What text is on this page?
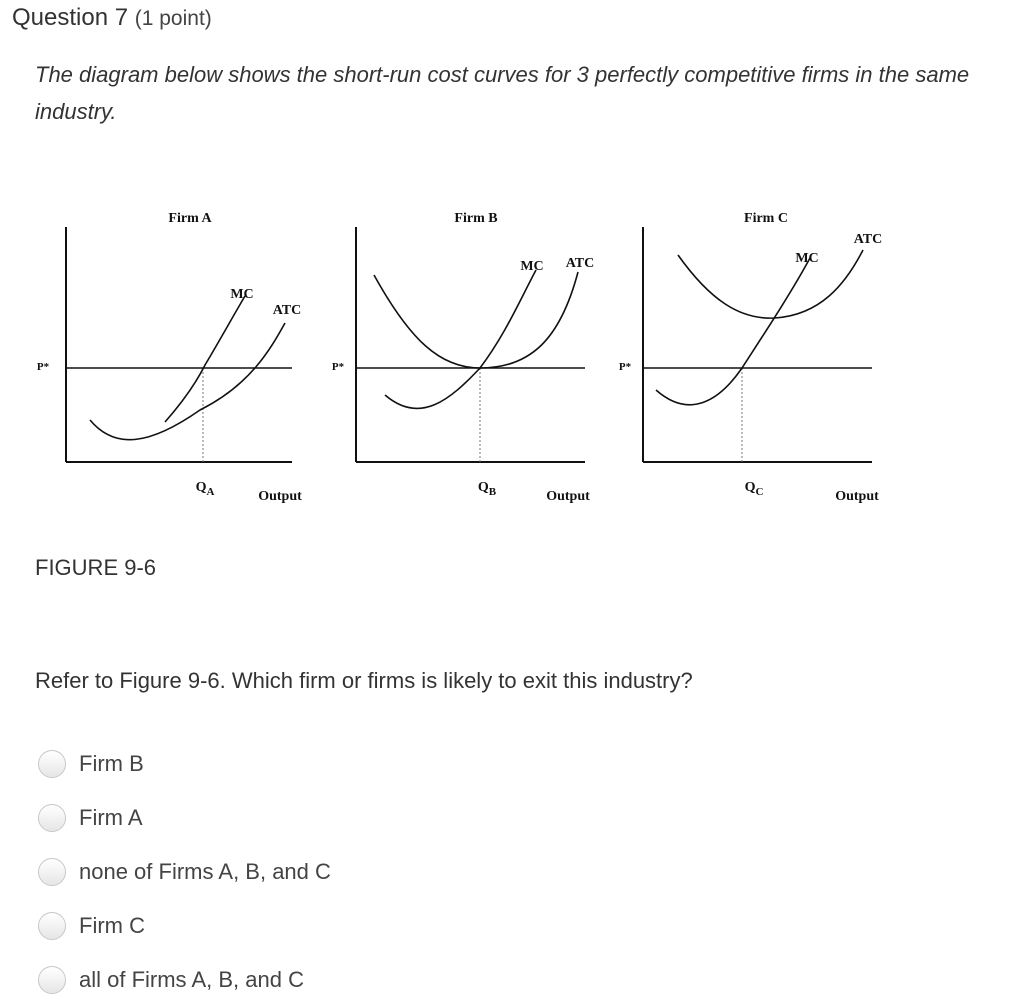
Question 7 (1 point)
The diagram below shows the short-run cost curves for 3 perfectly competitive firms in the same industry.
Firm A
ATC
MC
P*
Output
$Q_A$
Firm B
ATC
MC
P*
Output
$Q_B$
Firm C
ATC
MC
P*
Output
$Q_C$
FIGURE 9-6
Refer to Figure 9-6. Which firm or firms is likely to exit this industry?
Firm B
Firm A
none of Firms A, B, and C
Firm C
all of Firms A, B, and C
